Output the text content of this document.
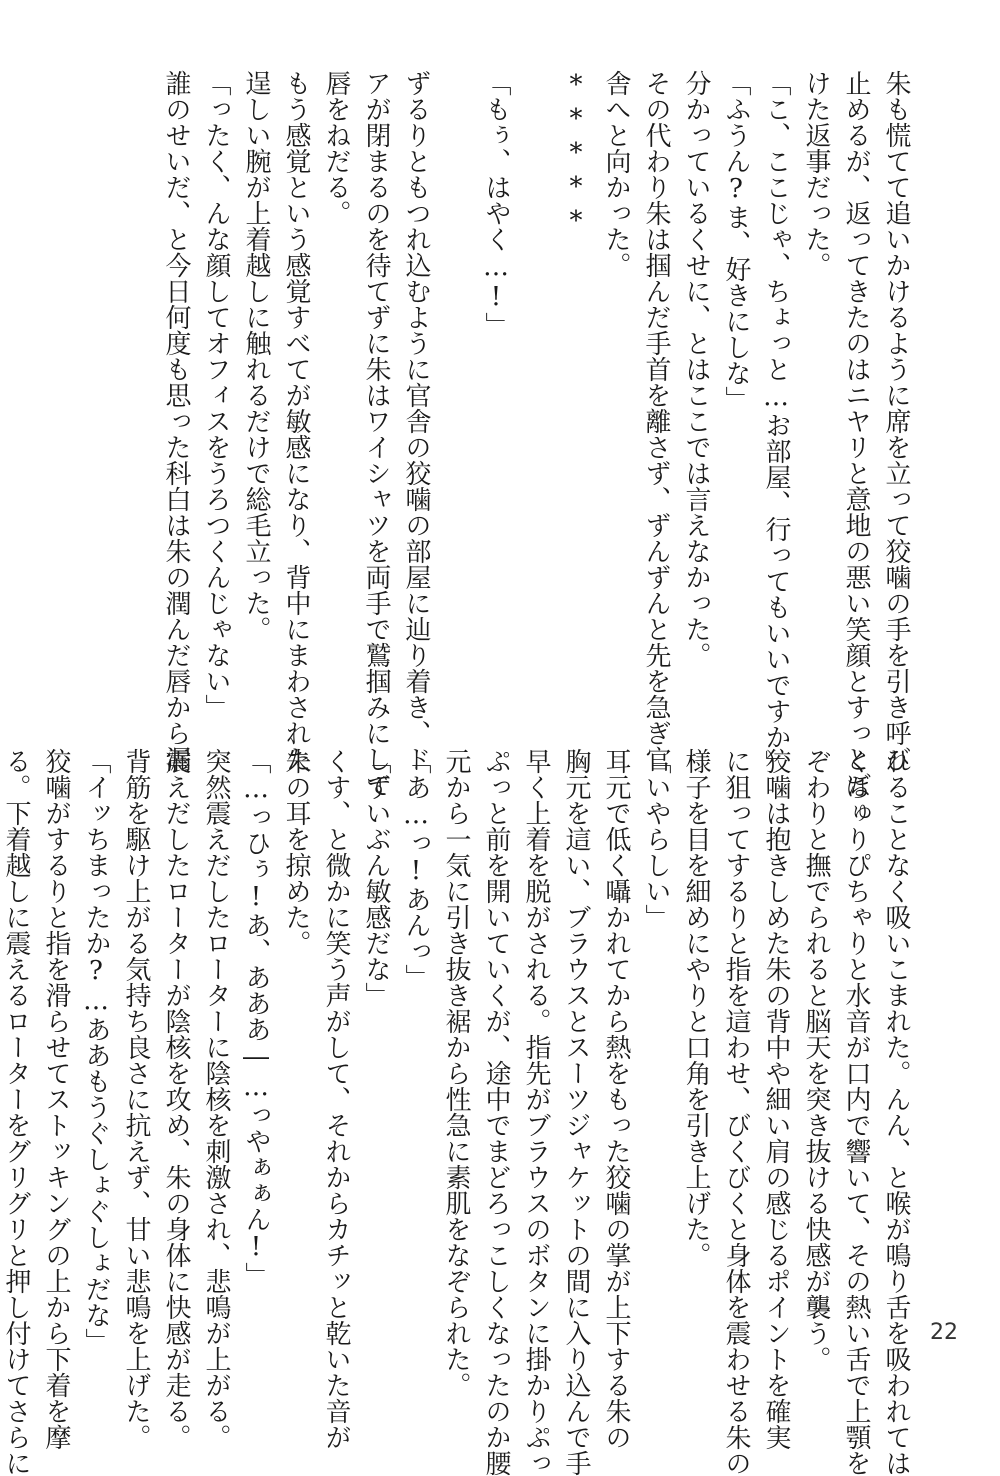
朱も慌てて追いかけるように席を立って狡噛の手を引き呼び

止めるが、返ってきたのはニヤリと意地の悪い笑顔とすっとぼ

けた返事だった。

「こ、ここじゃ、ちょっと…お部屋、行ってもいいですか」

「ふうん?ま、好きにしな」

分かっているくせに、とはここでは言えなかった。

その代わり朱は掴んだ手首を離さず、ずんずんと先を急ぎ官

舎へと向かった。

*****

「もぅ、はやく…!」

ずるりともつれ込むように官舎の狡噛の部屋に辿り着き、ド

アが閉まるのを待てずに朱はワイシャツを両手で鷲掴みにして

唇をねだる。

もう感覚という感覚すべてが敏感になり、背中にまわされた

逞しい腕が上着越しに触れるだけで総毛立った。

「ったく、んな顔してオフィスをうろつくんじゃない」

誰のせいだ、と今日何度も思った科白は朱の潤んだ唇から漏

れることなく吸いこまれた。んん、と喉が鳴り舌を吸われては

くちゅりぴちゃりと水音が口内で響いて、その熱い舌で上顎を

ぞわりと撫でられると脳天を突き抜ける快感が襲う。

狡噛は抱きしめた朱の背中や細い肩の感じるポイントを確実

に狙ってするりと指を這わせ、びくびくと身体を震わせる朱の

様子を目を細めにやりと口角を引き上げた。

「いやらしい」

耳元で低く囁かれてから熱をもった狡噛の掌が上下する朱の

胸元を這い、ブラウスとスーツジャケットの間に入り込んで手

早く上着を脱がされる。指先がブラウスのボタンに掛かりぷっ

ぷっと前を開いていくが、途中でまどろっこしくなったのか腰

元から一気に引き抜き裾から性急に素肌をなぞられた。

「あ…っ!あんっ」

「ずいぶん敏感だな」

くす、と微かに笑う声がして、それからカチッと乾いた音が

朱の耳を掠めた。

「…っひぅ!あ、あああ―…っやぁぁん!」

突然震えだしたローターに陰核を刺激され、悲鳴が上がる。

震えだしたローターが陰核を攻め、朱の身体に快感が走る。

背筋を駆け上がる気持ち良さに抗えず、甘い悲鳴を上げた。

「イッちまったか?…ああもうぐしょぐしょだな」

狡噛がするりと指を滑らせてストッキングの上から下着を摩

る。下着越しに震えるローターをグリグリと押し付けてさらに	22
